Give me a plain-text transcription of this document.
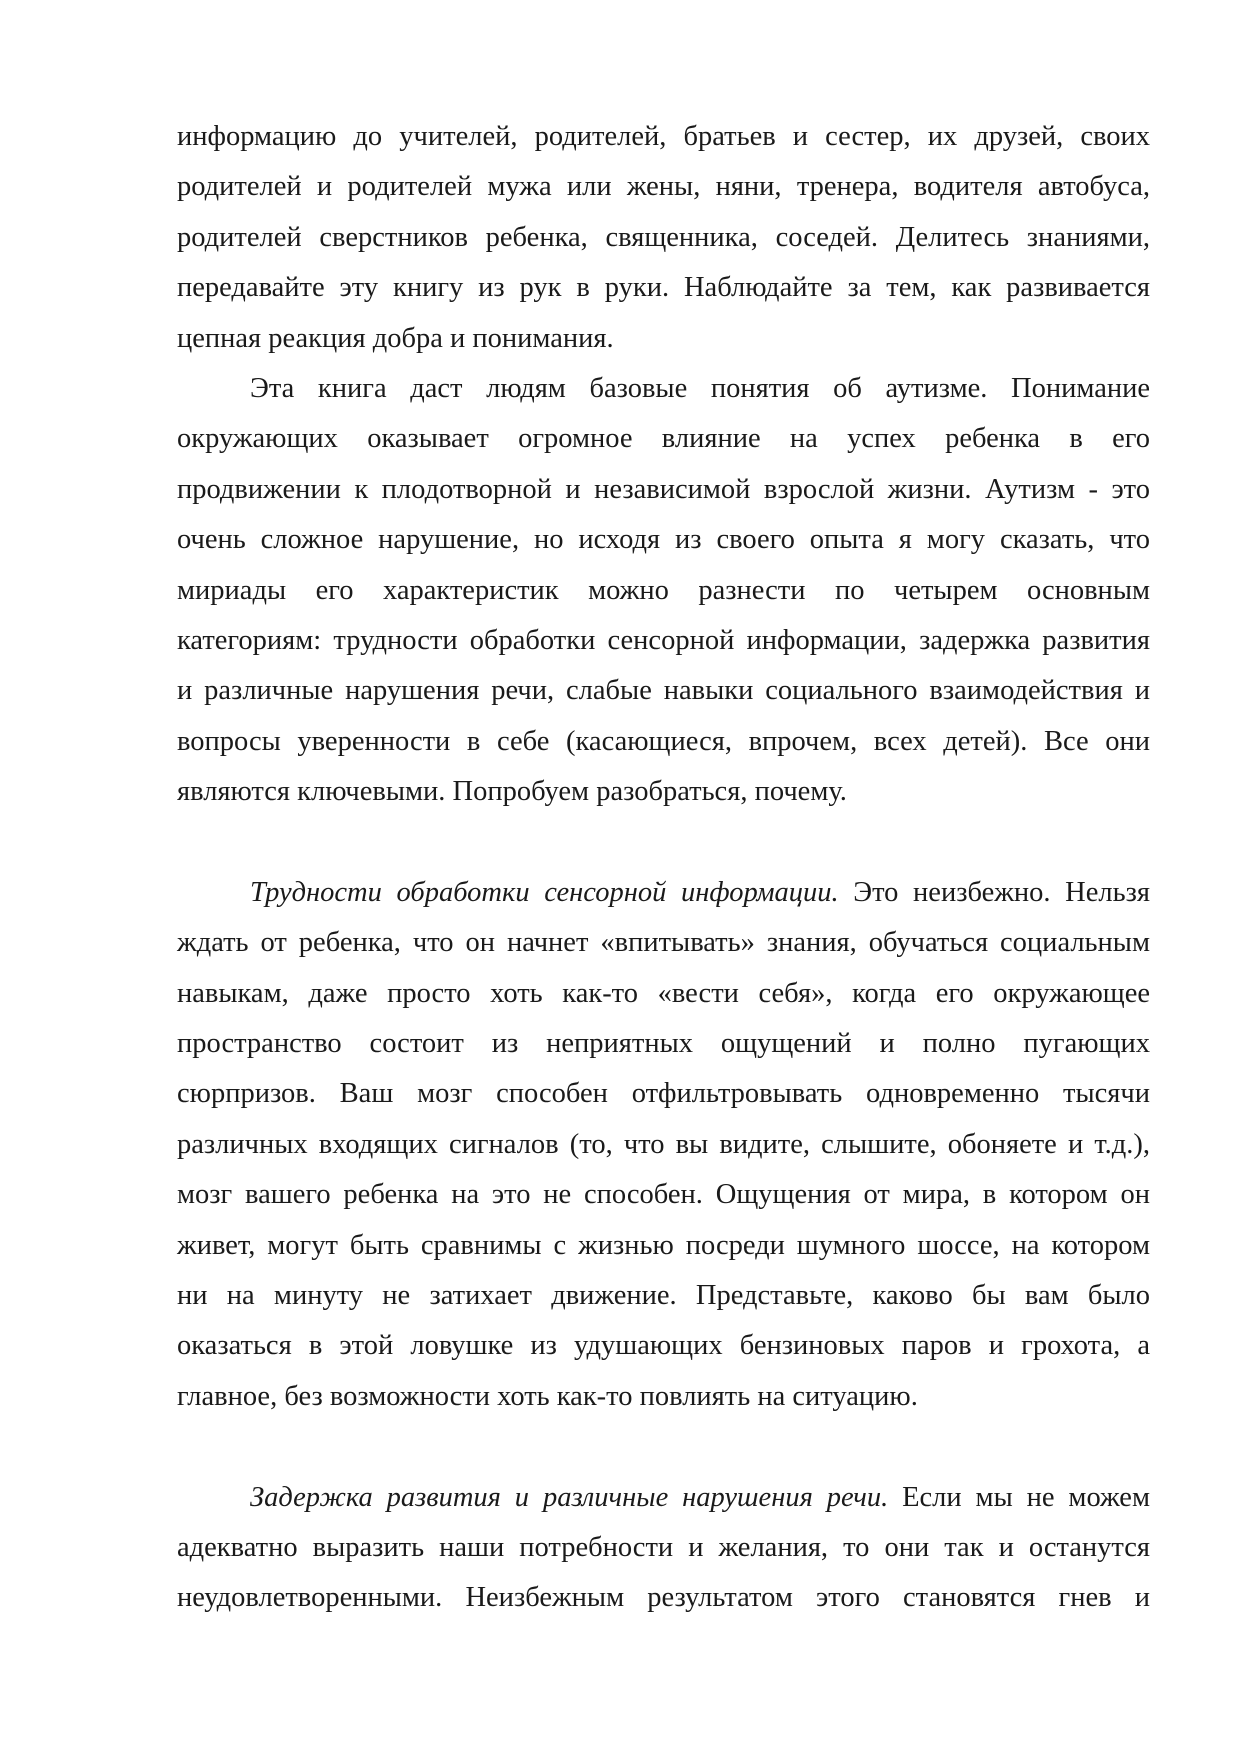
информацию до учителей, родителей, братьев и сестер, их друзей, своих
родителей и родителей мужа или жены, няни, тренера, водителя автобуса,
родителей сверстников ребенка, священника, соседей. Делитесь знаниями,
передавайте эту книгу из рук в руки. Наблюдайте за тем, как развивается
цепная реакция добра и понимания.
Эта книга даст людям базовые понятия об аутизме. Понимание
окружающих оказывает огромное влияние на успех ребенка в его
продвижении к плодотворной и независимой взрослой жизни. Аутизм - это
очень сложное нарушение, но исходя из своего опыта я могу сказать, что
мириады его характеристик можно разнести по четырем основным
категориям: трудности обработки сенсорной информации, задержка развития
и различные нарушения речи, слабые навыки социального взаимодействия и
вопросы уверенности в себе (касающиеся, впрочем, всех детей). Все они
являются ключевыми. Попробуем разобраться, почему.
Трудности обработки сенсорной информации. Это неизбежно. Нельзя
ждать от ребенка, что он начнет «впитывать» знания, обучаться социальным
навыкам, даже просто хоть как-то «вести себя», когда его окружающее
пространство состоит из неприятных ощущений и полно пугающих
сюрпризов. Ваш мозг способен отфильтровывать одновременно тысячи
различных входящих сигналов (то, что вы видите, слышите, обоняете и т.д.),
мозг вашего ребенка на это не способен. Ощущения от мира, в котором он
живет, могут быть сравнимы с жизнью посреди шумного шоссе, на котором
ни на минуту не затихает движение. Представьте, каково бы вам было
оказаться в этой ловушке из удушающих бензиновых паров и грохота, а
главное, без возможности хоть как-то повлиять на ситуацию.
Задержка развития и различные нарушения речи. Если мы не можем
адекватно выразить наши потребности и желания, то они так и останутся
неудовлетворенными. Неизбежным результатом этого становятся гнев и
